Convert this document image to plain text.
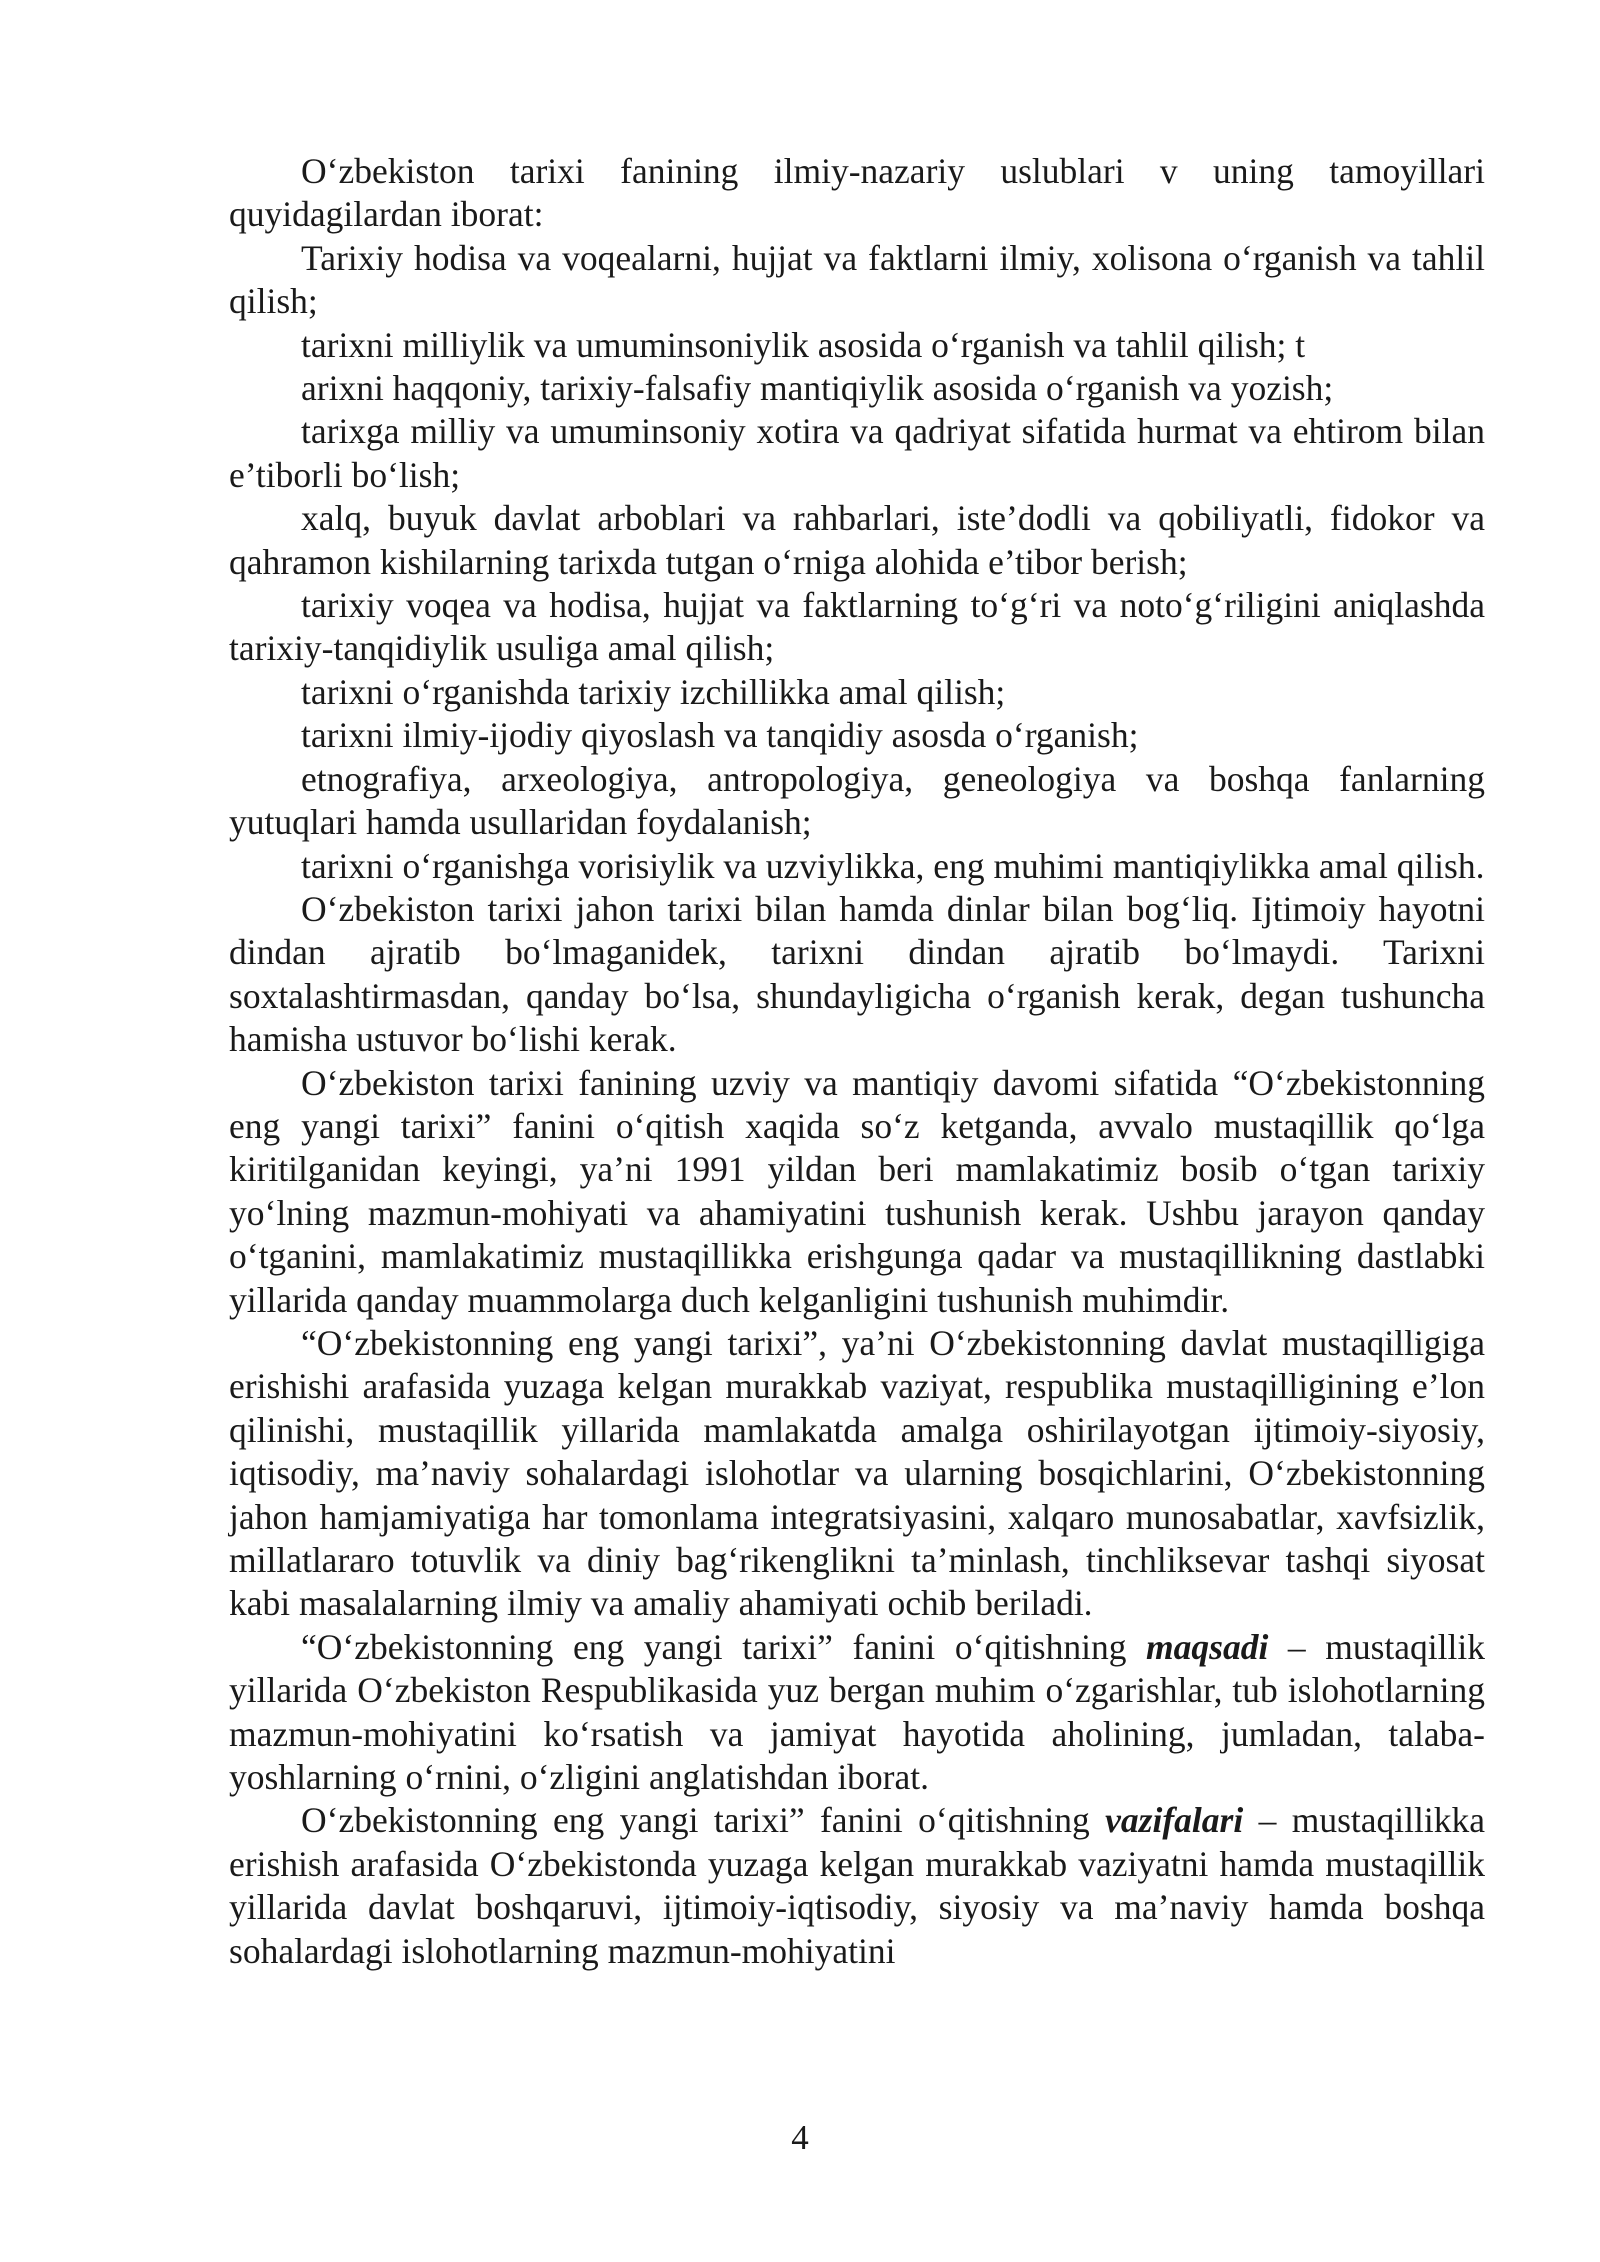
O‘zbekiston tarixi fanining ilmiy-nazariy uslublari v uning tamoyillari quyidagilardan iborat:

Tarixiy hodisa va voqealarni, hujjat va faktlarni ilmiy, xolisona o‘rganish va tahlil qilish;

tarixni milliylik va umuminsoniylik asosida o‘rganish va tahlil qilish; t

arixni haqqoniy, tarixiy-falsafiy mantiqiylik asosida o‘rganish va yozish;

tarixga milliy va umuminsoniy xotira va qadriyat sifatida hurmat va ehtirom bilan e’tiborli bo‘lish;

xalq, buyuk davlat arboblari va rahbarlari, iste’dodli va qobiliyatli, fidokor va qahramon kishilarning tarixda tutgan o‘rniga alohida e’tibor berish;

tarixiy voqea va hodisa, hujjat va faktlarning to‘g‘ri va noto‘g‘riligini aniqlashda tarixiy-tanqidiylik usuliga amal qilish;

tarixni o‘rganishda tarixiy izchillikka amal qilish;

tarixni ilmiy-ijodiy qiyoslash va tanqidiy asosda o‘rganish;

etnografiya, arxeologiya, antropologiya, geneologiya va boshqa fanlarning yutuqlari hamda usullaridan foydalanish;

tarixni o‘rganishga vorisiylik va uzviylikka, eng muhimi mantiqiylikka amal qilish.

O‘zbekiston tarixi jahon tarixi bilan hamda dinlar bilan bog‘liq. Ijtimoiy hayotni dindan ajratib bo‘lmaganidek, tarixni dindan ajratib bo‘lmaydi. Tarixni soxtalashtirmasdan, qanday bo‘lsa, shundayligicha o‘rganish kerak, degan tushuncha hamisha ustuvor bo‘lishi kerak.

O‘zbekiston tarixi fanining uzviy va mantiqiy davomi sifatida “O‘zbekistonning eng yangi tarixi” fanini o‘qitish xaqida so‘z ketganda, avvalo mustaqillik qo‘lga kiritilganidan keyingi, ya’ni 1991 yildan beri mamlakatimiz bosib o‘tgan tarixiy yo‘lning mazmun-mohiyati va ahamiyatini tushunish kerak. Ushbu jarayon qanday o‘tganini, mamlakatimiz mustaqillikka erishgunga qadar va mustaqillikning dastlabki yillarida qanday muammolarga duch kelganligini tushunish muhimdir.

“O‘zbekistonning eng yangi tarixi”, ya’ni O‘zbekistonning davlat mustaqilligiga erishishi arafasida yuzaga kelgan murakkab vaziyat, respublika mustaqilligining e’lon qilinishi, mustaqillik yillarida mamlakatda amalga oshirilayotgan ijtimoiy-siyosiy, iqtisodiy, ma’naviy sohalardagi islohotlar va ularning bosqichlarini, O‘zbekistonning jahon hamjamiyatiga har tomonlama integratsiyasini, xalqaro munosabatlar, xavfsizlik, millatlararo totuvlik va diniy bag‘rikenglikni ta’minlash, tinchliksevar tashqi siyosat kabi masalalarning ilmiy va amaliy ahamiyati ochib beriladi.

“O‘zbekistonning eng yangi tarixi” fanini o‘qitishning maqsadi – mustaqillik yillarida O‘zbekiston Respublikasida yuz bergan muhim o‘zgarishlar, tub islohotlarning mazmun-mohiyatini ko‘rsatish va jamiyat hayotida aholining, jumladan, talaba-yoshlarning o‘rnini, o‘zligini anglatishdan iborat.

O‘zbekistonning eng yangi tarixi” fanini o‘qitishning vazifalari – mustaqillikka erishish arafasida O‘zbekistonda yuzaga kelgan murakkab vaziyatni hamda mustaqillik yillarida davlat boshqaruvi, ijtimoiy-iqtisodiy, siyosiy va ma’naviy hamda boshqa sohalardagi islohotlarning mazmun-mohiyatini

4
